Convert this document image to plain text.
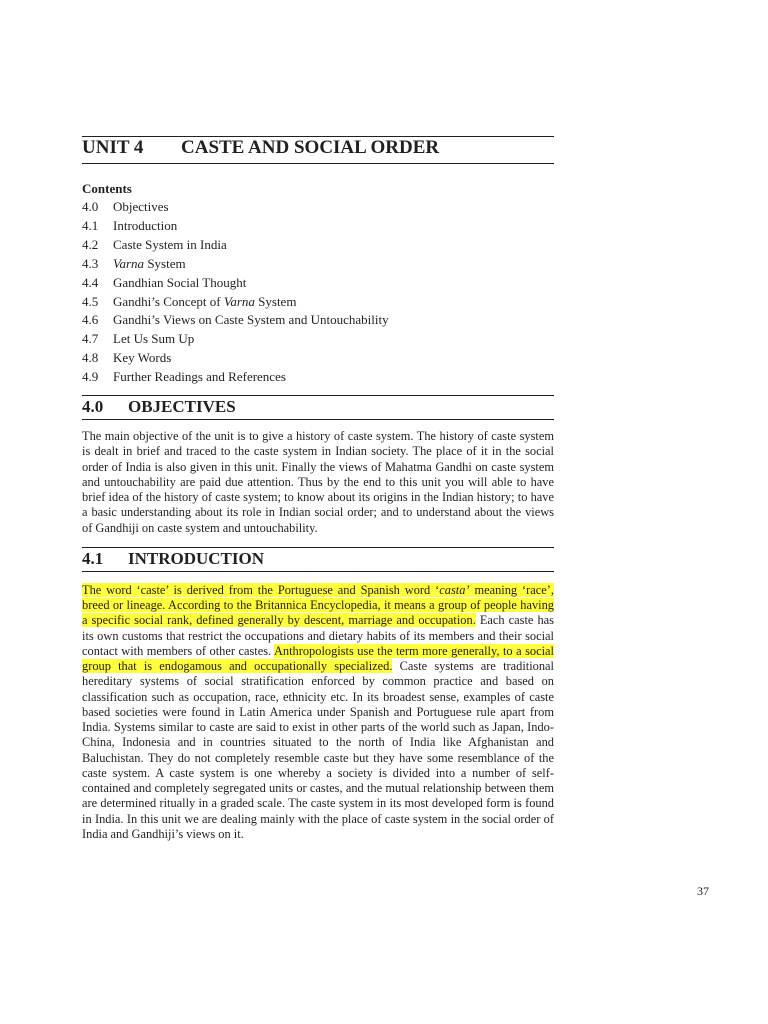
UNIT 4	CASTE AND SOCIAL ORDER
Contents
4.0	Objectives
4.1	Introduction
4.2	Caste System in India
4.3	Varna System
4.4	Gandhian Social Thought
4.5	Gandhi’s Concept of Varna System
4.6	Gandhi’s Views on Caste System and Untouchability
4.7	Let Us Sum Up
4.8	Key Words
4.9	Further Readings and References
4.0	OBJECTIVES

The main objective of the unit is to give a history of caste system. The history of caste system is dealt in brief and traced to the caste system in Indian society. The place of it in the social order of India is also given in this unit. Finally the views of Mahatma Gandhi on caste system and untouchability are paid due attention. Thus by the end to this unit you will able to have brief idea of the history of caste system; to know about its origins in the Indian history; to have a basic understanding about its role in Indian social order; and to understand about the views of Gandhiji on caste system and untouchability.

4.1	INTRODUCTION

The word ‘caste’ is derived from the Portuguese and Spanish word ‘casta’ meaning ‘race’, breed or lineage. According to the Britannica Encyclopedia, it means a group of people having a specific social rank, defined generally by descent, marriage and occupation. Each caste has its own customs that restrict the occupations and dietary habits of its members and their social contact with members of other castes. Anthropologists use the term more generally, to a social group that is endogamous and occupationally specialized. Caste systems are traditional hereditary systems of social stratification enforced by common practice and based on classification such as occupation, race, ethnicity etc. In its broadest sense, examples of caste based societies were found in Latin America under Spanish and Portuguese rule apart from India. Systems similar to caste are said to exist in other parts of the world such as Japan, Indo-China, Indonesia and in countries situated to the north of India like Afghanistan and Baluchistan. They do not completely resemble caste but they have some resemblance of the caste system. A caste system is one whereby a society is divided into a number of self-contained and completely segregated units or castes, and the mutual relationship between them are determined ritually in a graded scale. The caste system in its most developed form is found in India. In this unit we are dealing mainly with the place of caste system in the social order of India and Gandhiji’s views on it.

37
